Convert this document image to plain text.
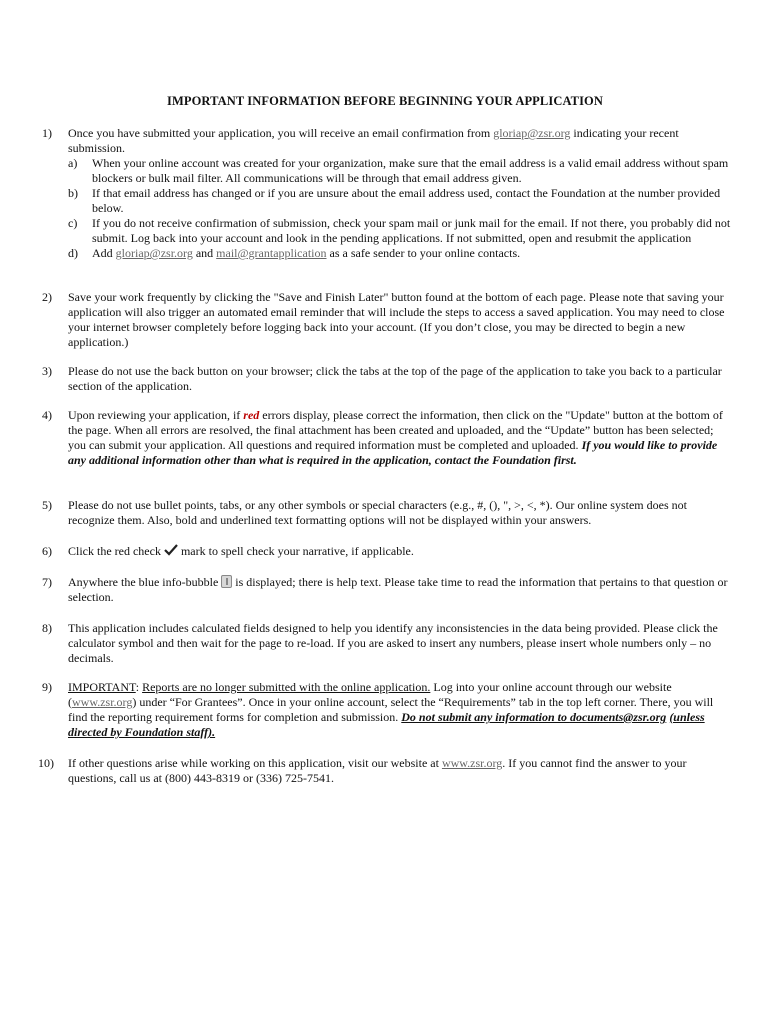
IMPORTANT INFORMATION BEFORE BEGINNING YOUR APPLICATION
1)	Once you have submitted your application, you will receive an email confirmation from gloriap@zsr.org indicating your recent submission.
a) When your online account was created for your organization, make sure that the email address is a valid email address without spam blockers or bulk mail filter. All communications will be through that email address given.
b) If that email address has changed or if you are unsure about the email address used, contact the Foundation at the number provided below.
c) If you do not receive confirmation of submission, check your spam mail or junk mail for the email. If not there, you probably did not submit. Log back into your account and look in the pending applications. If not submitted, open and resubmit the application
d) Add gloriap@zsr.org and mail@grantapplication as a safe sender to your online contacts.
2)	Save your work frequently by clicking the "Save and Finish Later" button found at the bottom of each page. Please note that saving your application will also trigger an automated email reminder that will include the steps to access a saved application. You may need to close your internet browser completely before logging back into your account. (If you don’t close, you may be directed to begin a new application.)
3)	Please do not use the back button on your browser; click the tabs at the top of the page of the application to take you back to a particular section of the application.
4)	Upon reviewing your application, if red errors display, please correct the information, then click on the "Update" button at the bottom of the page. When all errors are resolved, the final attachment has been created and uploaded, and the “Update” button has been selected; you can submit your application. All questions and required information must be completed and uploaded. If you would like to provide any additional information other than what is required in the application, contact the Foundation first.
5)	Please do not use bullet points, tabs, or any other symbols or special characters (e.g., #, (), ", >, <, *). Our online system does not recognize them. Also, bold and underlined text formatting options will not be displayed within your answers.
6)	Click the red check  mark to spell check your narrative, if applicable.
7)	Anywhere the blue info-bubble  is displayed; there is help text. Please take time to read the information that pertains to that question or selection.
8)	This application includes calculated fields designed to help you identify any inconsistencies in the data being provided. Please click the calculator symbol and then wait for the page to re-load. If you are asked to insert any numbers, please insert whole numbers only – no decimals.
9)	IMPORTANT: Reports are no longer submitted with the online application. Log into your online account through our website (www.zsr.org) under “For Grantees”. Once in your online account, select the “Requirements” tab in the top left corner. There, you will find the reporting requirement forms for completion and submission. Do not submit any information to documents@zsr.org (unless directed by Foundation staff).
10)	If other questions arise while working on this application, visit our website at www.zsr.org. If you cannot find the answer to your questions, call us at (800) 443-8319 or (336) 725-7541.
